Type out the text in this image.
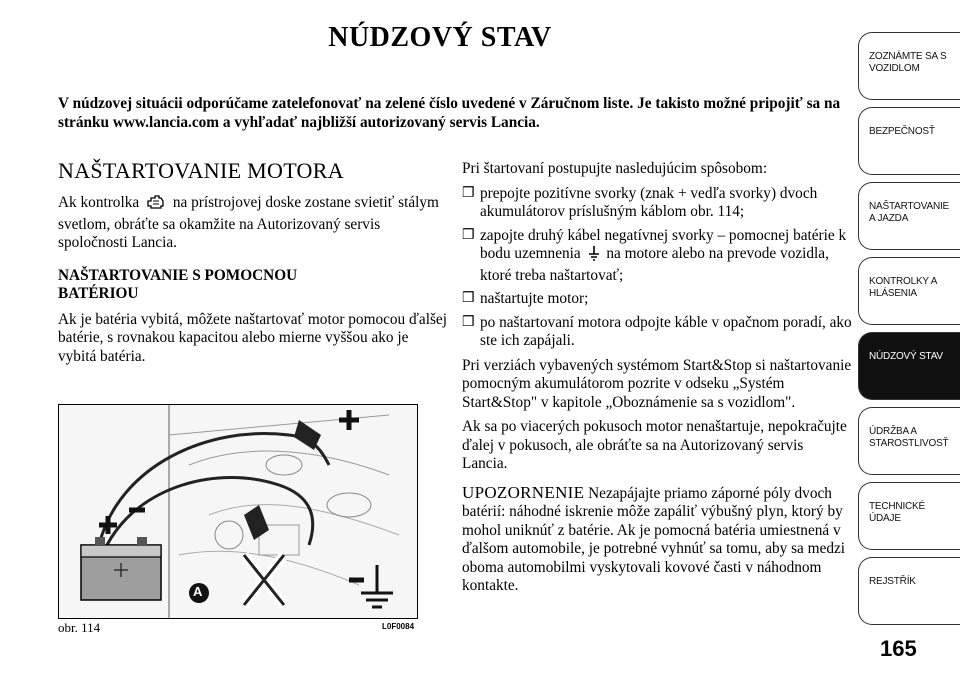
NÚDZOVÝ STAV
V núdzovej situácii odporúčame zatelefonovať na zelené číslo uvedené v Záručnom liste. Je takisto možné pripojiť sa na stránku www.lancia.com a vyhľadať najbližší autorizovaný servis Lancia.
NAŠTARTOVANIE MOTORA

Ak kontrolka na prístrojovej doske zostane svietiť stálym svetlom, obráťte sa okamžite na Autorizovaný servis spoločnosti Lancia.

NAŠTARTOVANIE S POMOCNOU BATÉRIOU

Ak je batéria vybitá, môžete naštartovať motor pomocou ďalšej batérie, s rovnakou kapacitou alebo mierne vyššou ako je vybitá batéria.

A
obr. 114	L0F0084

Pri štartovaní postupujte nasledujúcim spôsobom:

❒ prepojte pozitívne svorky (znak + vedľa svorky) dvoch akumulátorov príslušným káblom obr. 114;
❒ zapojte druhý kábel negatívnej svorky – pomocnej batérie k bodu uzemnenia na motore alebo na prevode vozidla, ktoré treba naštartovať;
❒ naštartujte motor;
❒ po naštartovaní motora odpojte káble v opačnom poradí, ako ste ich zapájali.

Pri verziách vybavených systémom Start&Stop si naštartovanie pomocným akumulátorom pozrite v odseku „Systém Start&Stop" v kapitole „Oboznámenie sa s vozidlom".

Ak sa po viacerých pokusoch motor nenaštartuje, nepokračujte ďalej v pokusoch, ale obráťte sa na Autorizovaný servis Lancia.

UPOZORNENIE Nezapájajte priamo záporné póly dvoch batérií: náhodné iskrenie môže zapáliť výbušný plyn, ktorý by mohol uniknúť z batérie. Ak je pomocná batéria umiestnená v ďalšom automobile, je potrebné vyhnúť sa tomu, aby sa medzi oboma automobilmi vyskytovali kovové časti v náhodnom kontakte.

ZOZNÁMTE SA S
VOZIDLOM
BEZPEČNOSŤ
NAŠTARTOVANIE
A JAZDA
KONTROLKY A
HLÁSENIA
NÚDZOVÝ STAV
ÚDRŽBA A
STAROSTLIVOSŤ
TECHNICKÉ
ÚDAJE
REJSTŘÍK
165
